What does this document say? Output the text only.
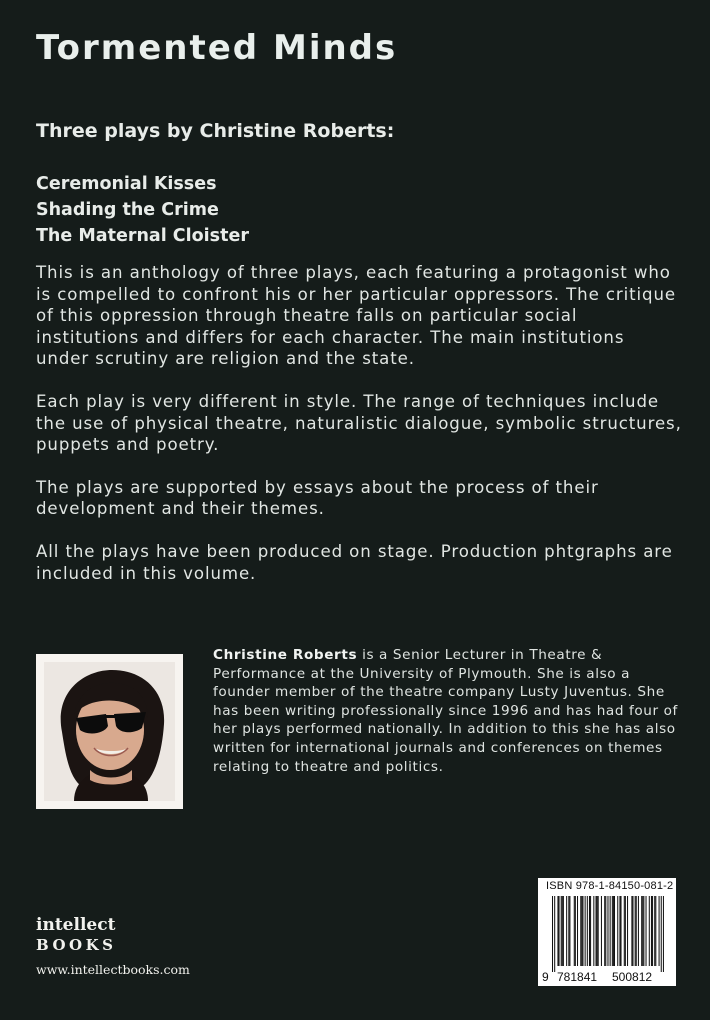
Tormented Minds
Three plays by Christine Roberts:
Ceremonial Kisses
Shading the Crime
The Maternal Cloister

This is an anthology of three plays, each featuring a protagonist who is compelled to confront his or her particular oppressors. The critique of this oppression through theatre falls on particular social institutions and differs for each character. The main institutions under scrutiny are religion and the state.

Each play is very different in style. The range of techniques include the use of physical theatre, naturalistic dialogue, symbolic structures, puppets and poetry.

The plays are supported by essays about the process of their development and their themes.

All the plays have been produced on stage. Production phtgraphs are included in this volume.

Christine Roberts is a Senior Lecturer in Theatre & Performance at the University of Plymouth. She is also a founder member of the theatre company Lusty Juventus. She has been writing professionally since 1996 and has had four of her plays performed nationally. In addition to this she has also written for international journals and conferences on themes relating to theatre and politics.
intellect
BOOKS
www.intellectbooks.com
ISBN 978-1-84150-081-2
9 781841 500812
